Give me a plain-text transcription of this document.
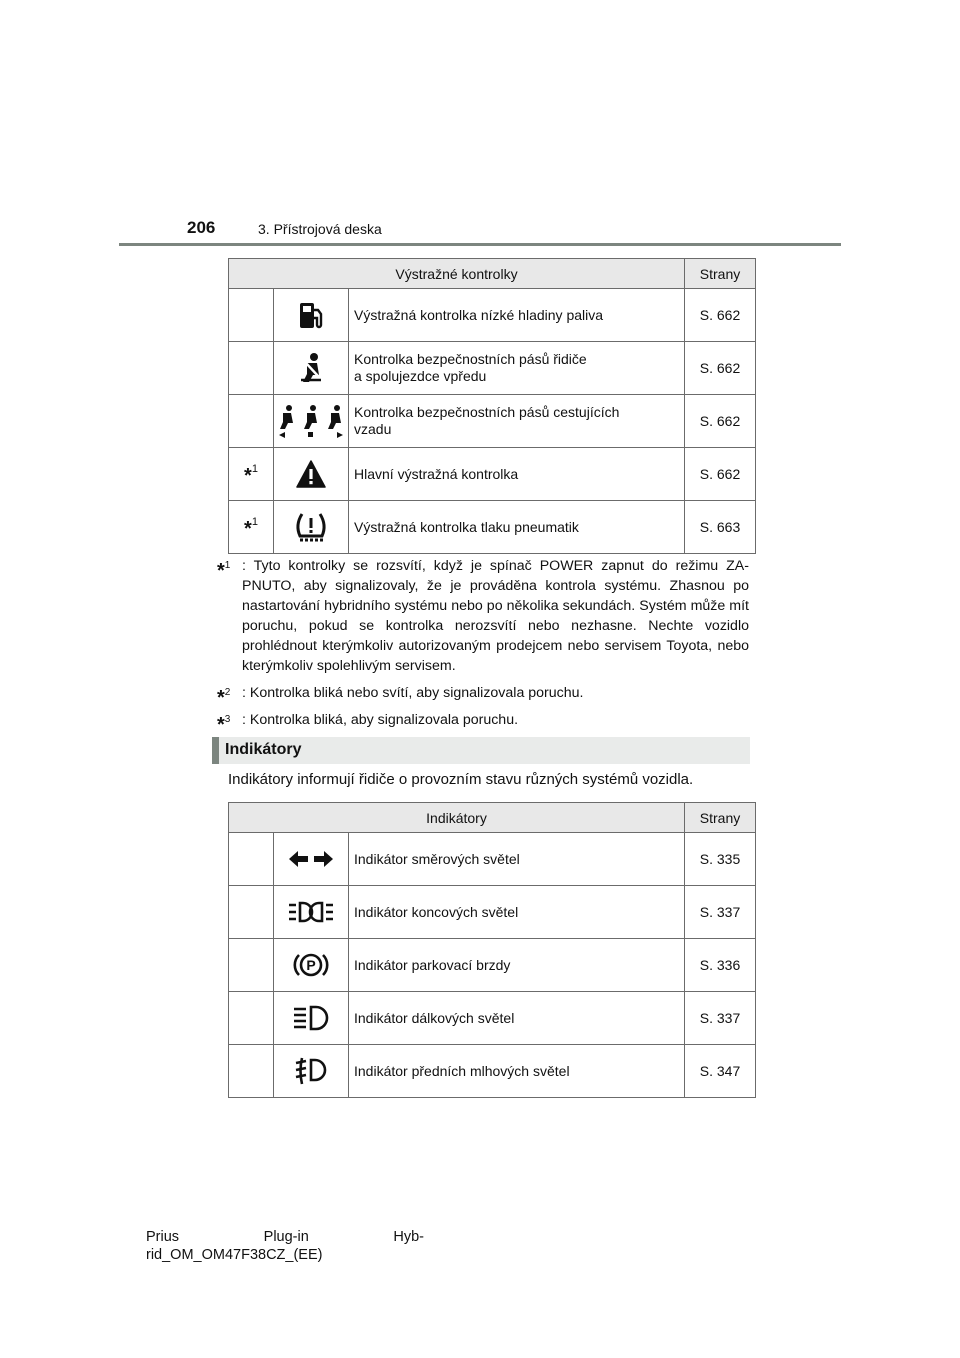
206	3. Přístrojová deska
Výstražné kontrolky			Strany

	Výstražná kontrolka nízké hladiny paliva	S. 662

Kontrolka bezpečnostních pásů řidiče
a spolujezdce vpředu	S. 662

Kontrolka bezpečnostních pásů cestujících
vzadu	S. 662
*$^1$		Hlavní výstražná kontrolka	S. 662
*$^1$		Výstražná kontrolka tlaku pneumatik	S. 663
*$^1$ : Tyto kontrolky se rozsvítí, když je spínač POWER zapnut do režimu ZA-PNUTO, aby signalizovaly, že je prováděna kontrola systému. Zhasnou po nastartování hybridního systému nebo po několika sekundách. Systém může mít poruchu, pokud se kontrolka nerozsvítí nebo nezhasne. Nechte vozidlo prohlédnout kterýmkoliv autorizovaným prodejcem nebo servisem Toyota, nebo kterýmkoliv spolehlivým servisem.
*$^2$ : Kontrolka bliká nebo svítí, aby signalizovala poruchu.
*$^3$ : Kontrolka bliká, aby signalizovala poruchu.
Indikátory
Indikátory informují řidiče o provozním stavu různých systémů vozidla.
Indikátory			Strany

	Indikátor směrových světel	S. 335

	Indikátor koncových světel	S. 337

P	Indikátor parkovací brzdy	S. 336

	Indikátor dálkových světel	S. 337

	Indikátor předních mlhových světel	S. 347
Prius Plug-in Hyb-
rid_OM_OM47F38CZ_(EE)
